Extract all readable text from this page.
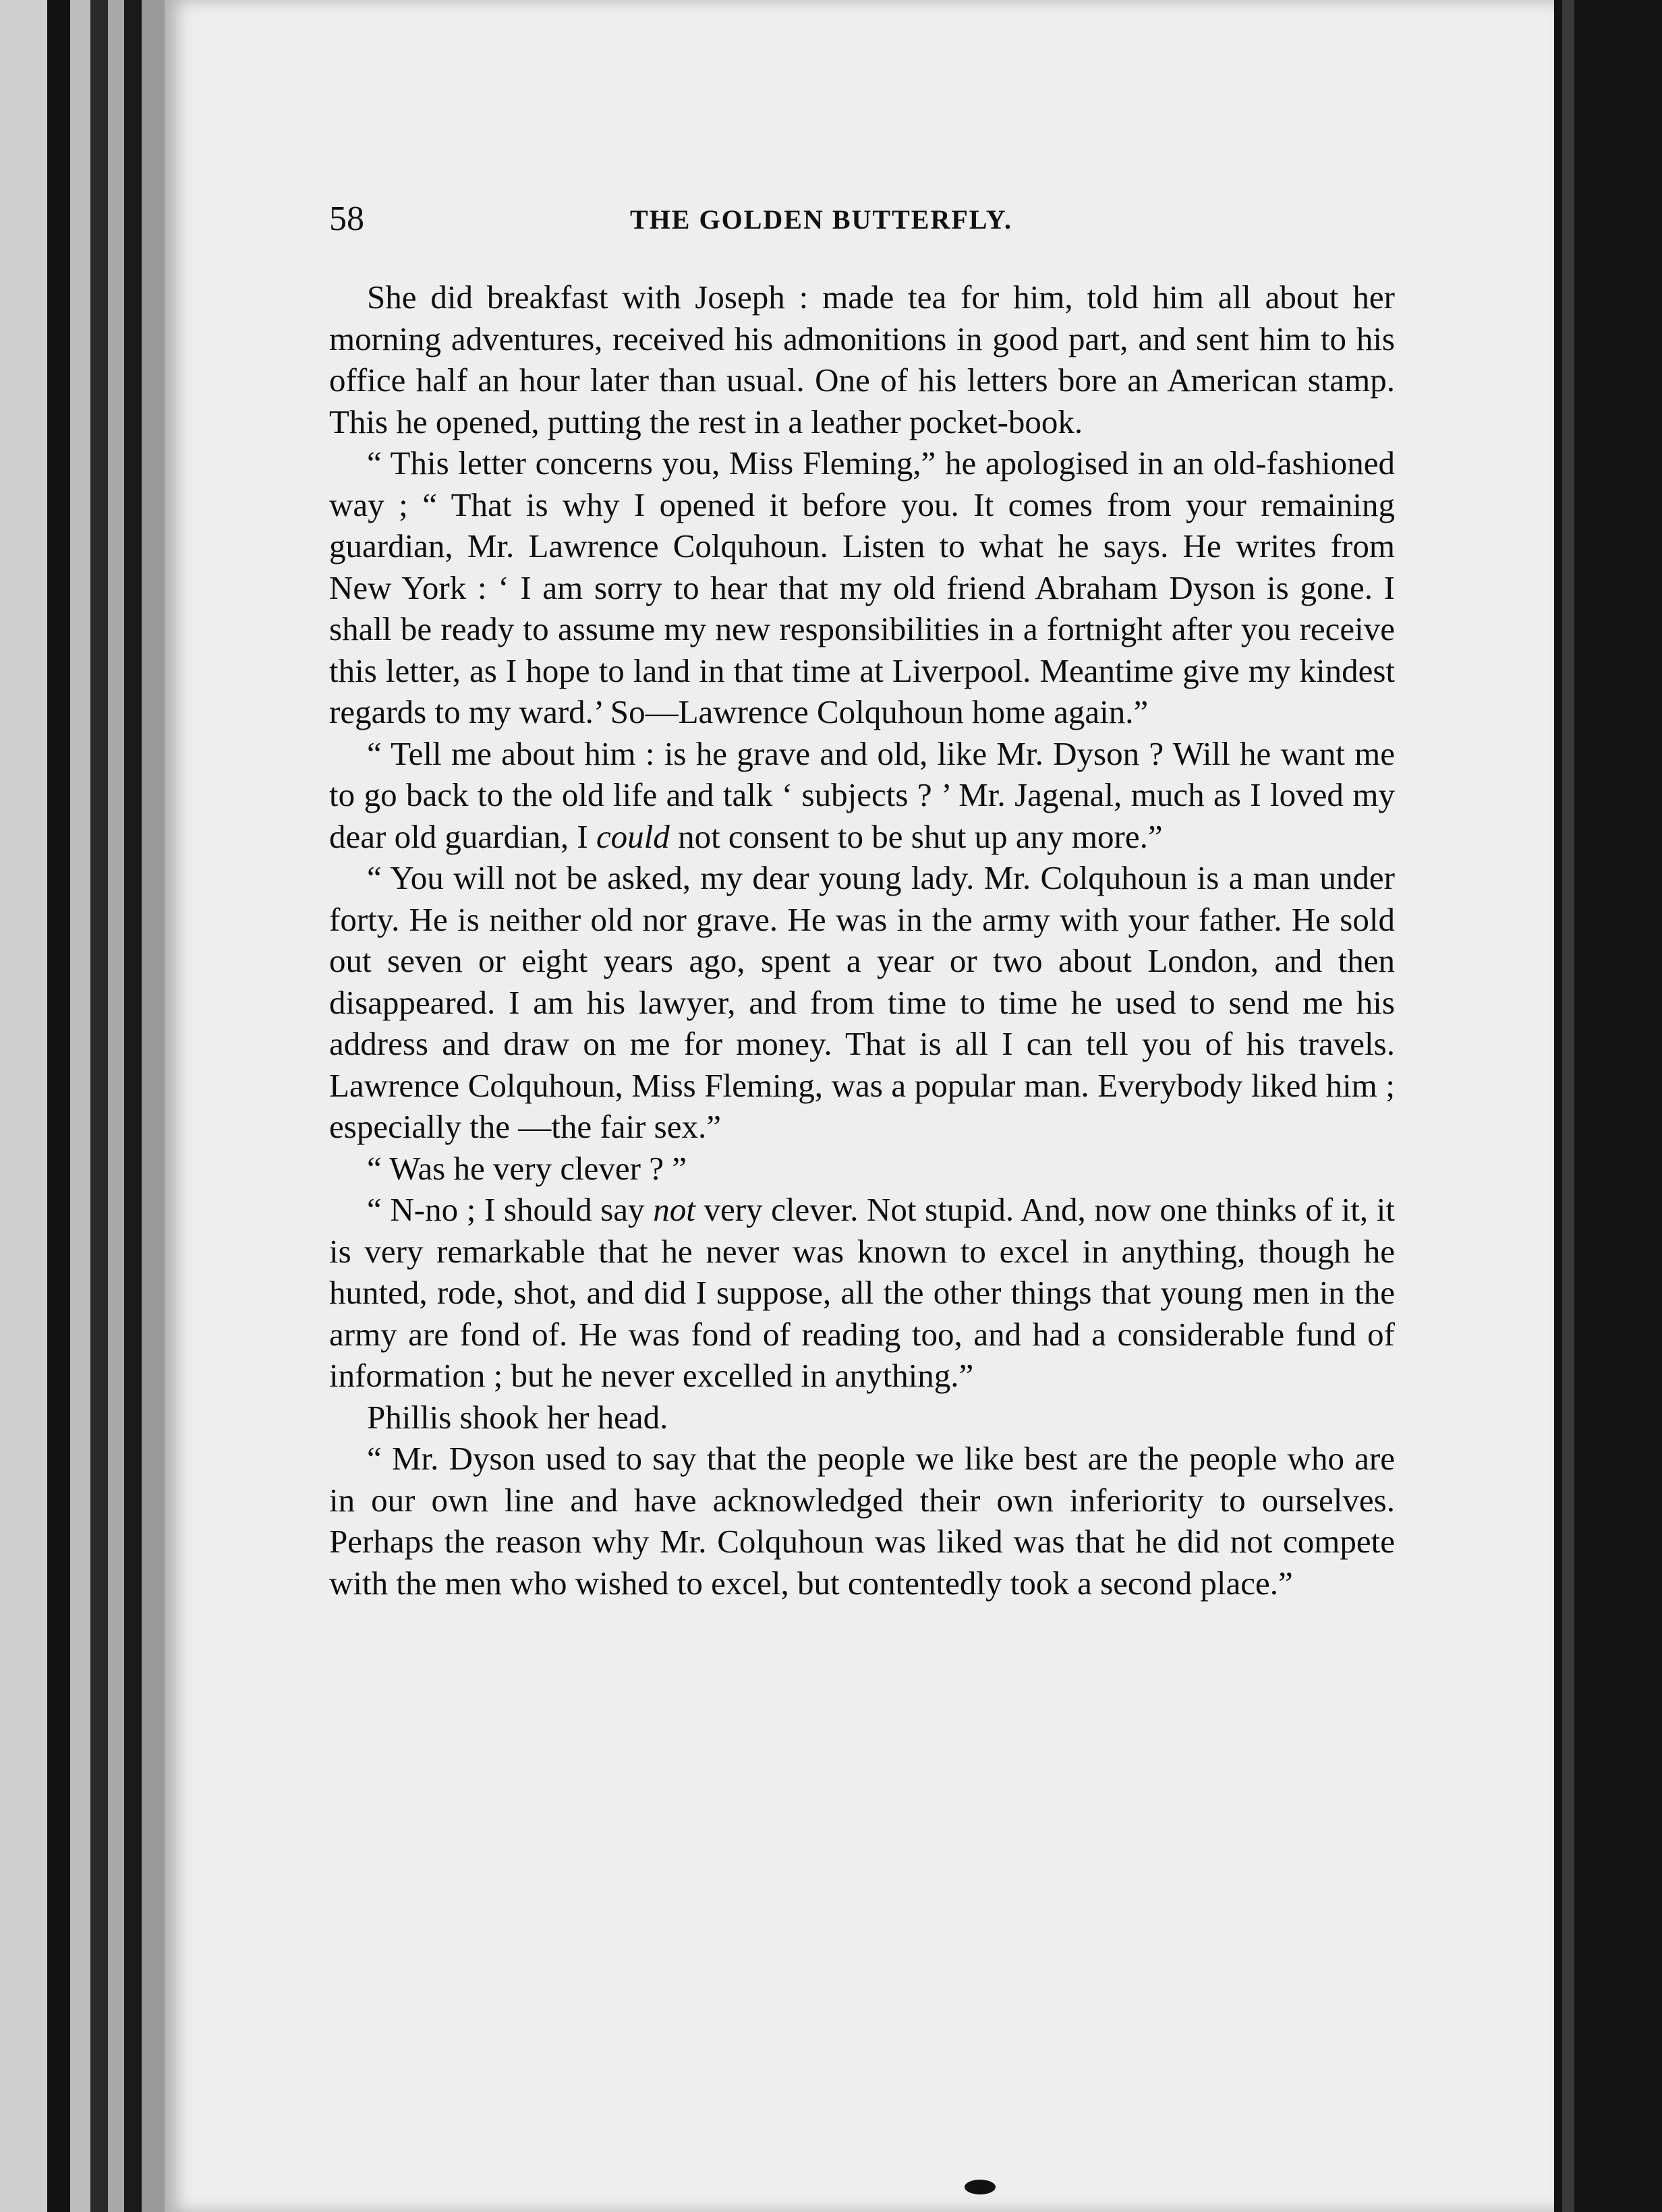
58	THE GOLDEN BUTTERFLY.

She did breakfast with Joseph : made tea for him, told him all about her morning adventures, received his admonitions in good part, and sent him to his office half an hour later than usual. One of his letters bore an American stamp. This he opened, putting the rest in a leather pocket-book.

“ This letter concerns you, Miss Fleming,” he apologised in an old-fashioned way ; “ That is why I opened it before you. It comes from your remaining guardian, Mr. Lawrence Colquhoun. Listen to what he says. He writes from New York : ‘ I am sorry to hear that my old friend Abraham Dyson is gone. I shall be ready to assume my new responsibilities in a fortnight after you receive this letter, as I hope to land in that time at Liverpool. Meantime give my kindest regards to my ward.’ So—Lawrence Colquhoun home again.”

“ Tell me about him : is he grave and old, like Mr. Dyson ? Will he want me to go back to the old life and talk ‘ subjects ? ’ Mr. Jagenal, much as I loved my dear old guardian, I could not consent to be shut up any more.”

“ You will not be asked, my dear young lady. Mr. Colquhoun is a man under forty. He is neither old nor grave. He was in the army with your father. He sold out seven or eight years ago, spent a year or two about London, and then disappeared. I am his lawyer, and from time to time he used to send me his address and draw on me for money. That is all I can tell you of his travels. Lawrence Colquhoun, Miss Fleming, was a popular man. Everybody liked him ; especially the —the fair sex.”

“ Was he very clever ? ”

“ N-no ; I should say not very clever. Not stupid. And, now one thinks of it, it is very remarkable that he never was known to excel in anything, though he hunted, rode, shot, and did I suppose, all the other things that young men in the army are fond of. He was fond of reading too, and had a considerable fund of information ; but he never excelled in anything.”

Phillis shook her head.

“ Mr. Dyson used to say that the people we like best are the people who are in our own line and have acknowledged their own inferiority to ourselves. Perhaps the reason why Mr. Colquhoun was liked was that he did not compete with the men who wished to excel, but contentedly took a second place.”
